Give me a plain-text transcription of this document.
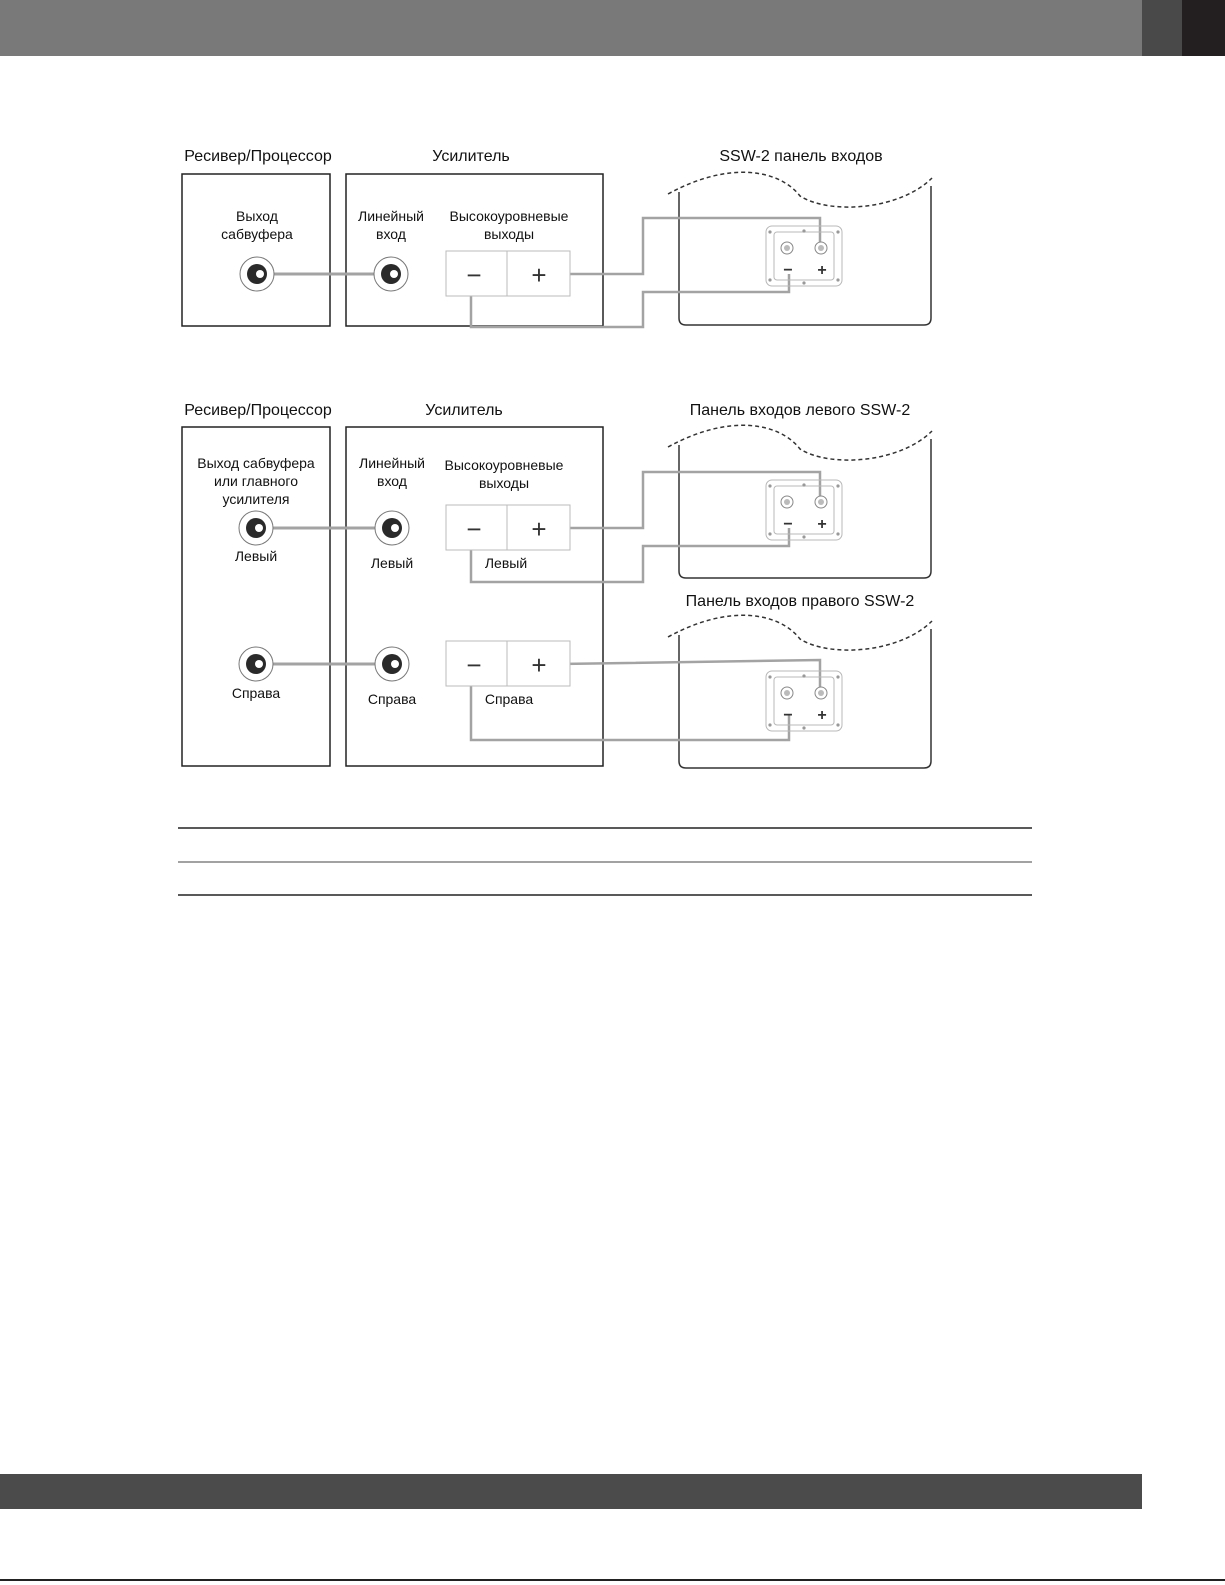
Ресивер/Процессор	Усилитель	SSW-2 панель входов
Выход
сабвуфера
Линейный
вход
Высокоуровневые
выходы
− +	− +
Ресивер/Процессор	Усилитель	Панель входов левого SSW-2
Панель входов правого SSW-2
Выход сабвуфера
или главного
усилителя
Линейный
вход
Высокоуровневые
выходы
Левый	Левый	Левый
Справа	Справа	Справа
− +
− +
− +
− +
